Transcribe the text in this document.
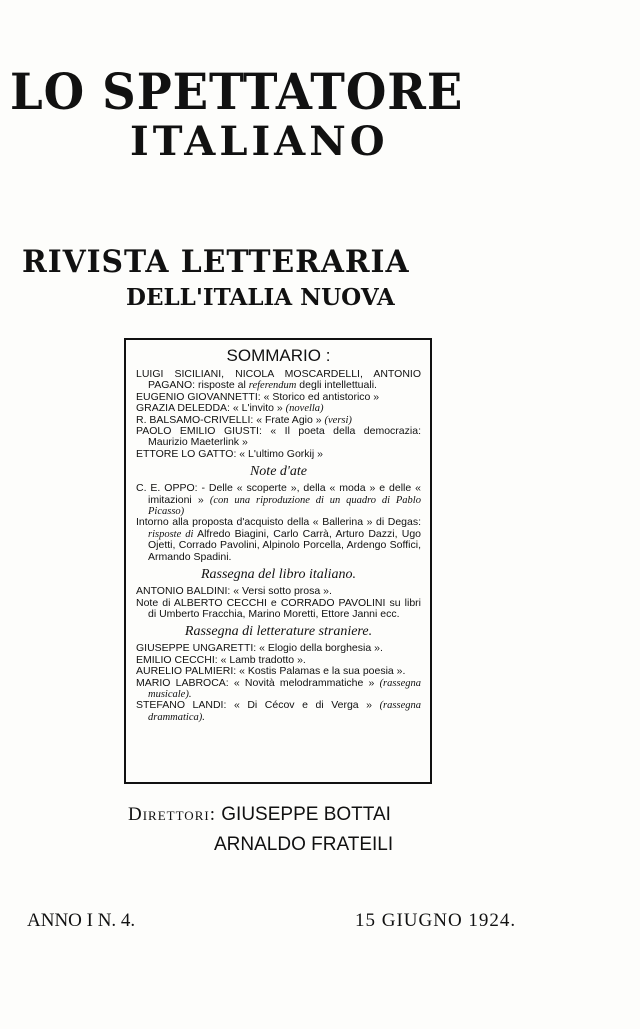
LO SPETTATORE
ITALIANO
RIVISTA LETTERARIA
DELL'ITALIA NUOVA
SOMMARIO :
LUIGI SICILIANI, NICOLA MOSCARDELLI, ANTONIO PAGANO: risposte al referendum degli intellettuali.
EUGENIO GIOVANNETTI: « Storico ed antistorico »
GRAZIA DELEDDA: « L'invito » (novella)
R. BALSAMO-CRIVELLI: « Frate Agio » (versi)
PAOLO EMILIO GIUSTI: « Il poeta della democrazia: Maurizio Maeterlink »
ETTORE LO GATTO: « L'ultimo Gorkij »
Note d'ate
C. E. OPPO: - Delle « scoperte », della « moda » e delle « imitazioni » (con una riproduzione di un quadro di Pablo Picasso)
Intorno alla proposta d'acquisto della « Ballerina » di Degas: risposte di Alfredo Biagini, Carlo Carrà, Arturo Dazzi, Ugo Ojetti, Corrado Pavolini, Alpinolo Porcella, Ardengo Soffici, Armando Spadini.
Rassegna del libro italiano.
ANTONIO BALDINI: « Versi sotto prosa ».
Note di ALBERTO CECCHI e CORRADO PAVOLINI su libri di Umberto Fracchia, Marino Moretti, Ettore Janni ecc.
Rassegna di letterature straniere.
GIUSEPPE UNGARETTI: « Elogio della borghesia ».
EMILIO CECCHI: « Lamb tradotto ».
AURELIO PALMIERI: « Kostis Palamas e la sua poesia ».
MARIO LABROCA: « Novità melodrammatiche » (rassegna musicale).
STEFANO LANDI: « Di Cécov e di Verga » (rassegna drammatica).
Direttori: GIUSEPPE BOTTAI
ARNALDO FRATEILI
ANNO I N. 4.	15 GIUGNO 1924.
